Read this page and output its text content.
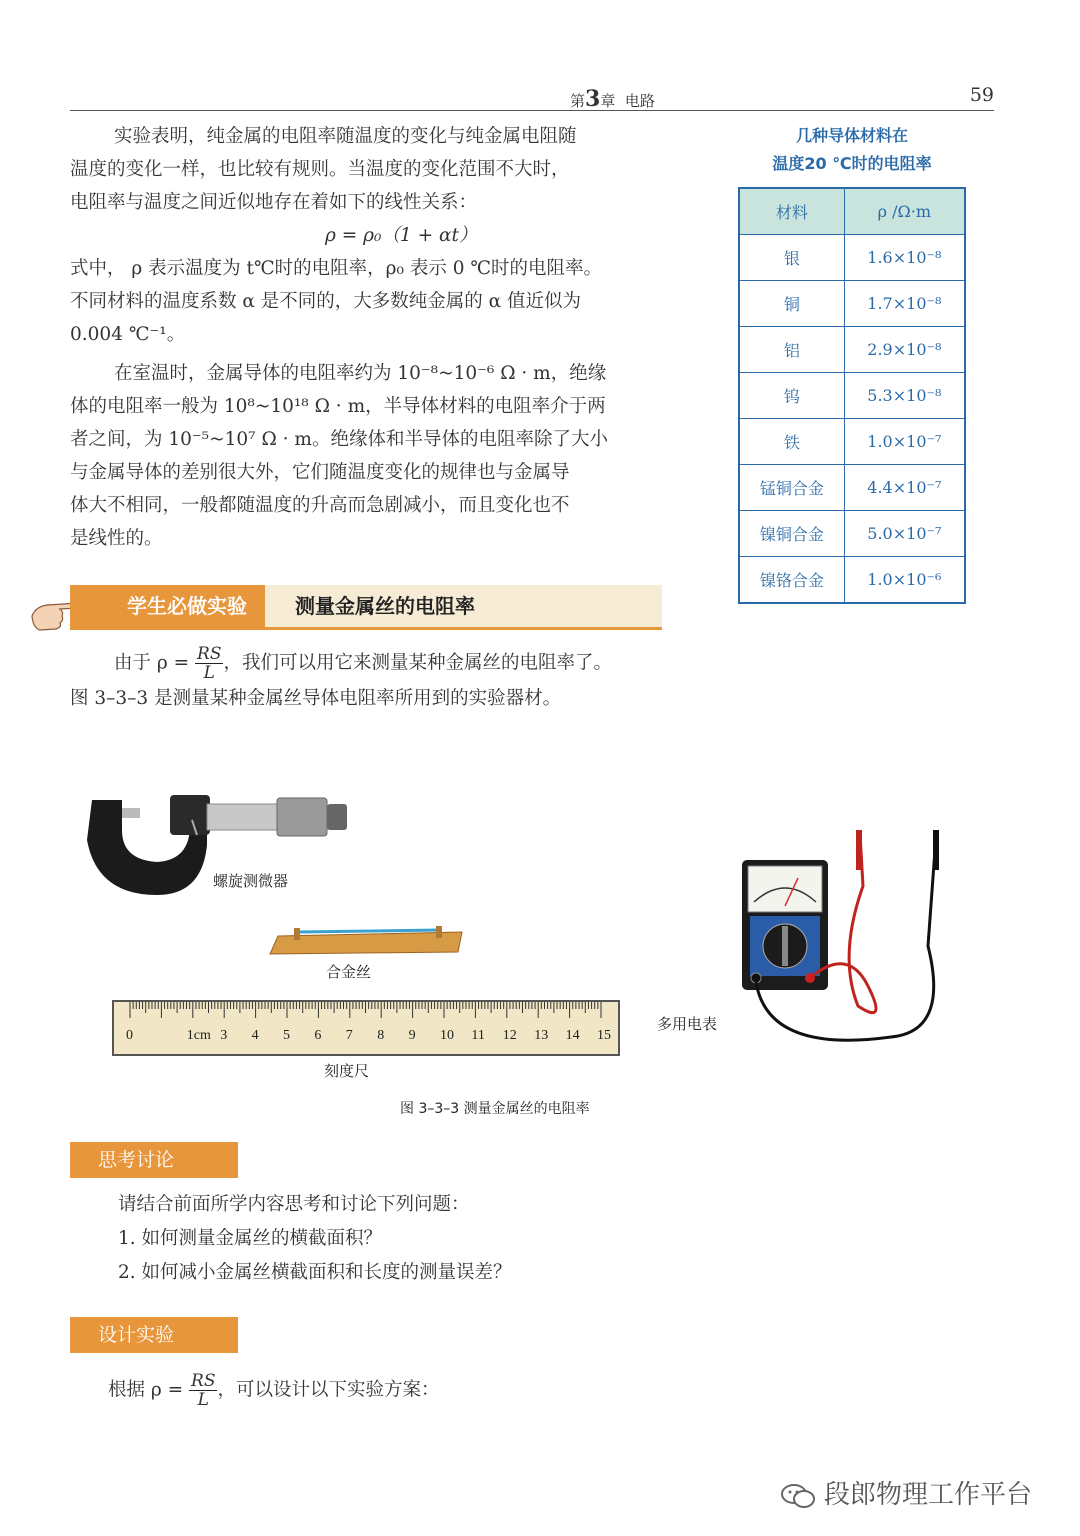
第3章 电路	59
实验表明，纯金属的电阻率随温度的变化与纯金属电阻随
温度的变化一样，也比较有规则。当温度的变化范围不大时，
电阻率与温度之间近似地存在着如下的线性关系：

ρ = ρ₀（1 + αt）
式中， ρ 表示温度为 t℃时的电阻率，ρ₀ 表示 0 ℃时的电阻率。
不同材料的温度系数 α 是不同的，大多数纯金属的 α 值近似为
0.004 ℃⁻¹。
在室温时，金属导体的电阻率约为 10⁻⁸~10⁻⁶ Ω · m，绝缘
体的电阻率一般为 10⁸~10¹⁸ Ω · m，半导体材料的电阻率介于两
者之间，为 10⁻⁵~10⁷ Ω · m。绝缘体和半导体的电阻率除了大小
与金属导体的差别很大外，它们随温度变化的规律也与金属导
体大不相同，一般都随温度的升高而急剧减小，而且变化也不
是线性的。
几种导体材料在
温度20 ℃时的电阻率
材料	ρ /Ω·m
银	1.6×10⁻⁸
铜	1.7×10⁻⁸
铝	2.9×10⁻⁸
钨	5.3×10⁻⁸
铁	1.0×10⁻⁷
锰铜合金	4.4×10⁻⁷
镍铜合金	5.0×10⁻⁷
镍铬合金	1.0×10⁻⁶
学生必做实验	测量金属丝的电阻率
由于 $\rho = \frac{RS}{L}$ ，我们可以用它来测量某种金属丝的电阻率了。
图 3–3–3 是测量某种金属丝导体电阻率所用到的实验器材。
螺旋测微器
合金丝
0	1cm 3 4 5 6 7 8 9 10 11 12 13 14 15
刻度尺
多用电表
图 3–3–3 测量金属丝的电阻率
思考讨论
请结合前面所学内容思考和讨论下列问题：
1. 如何测量金属丝的横截面积？
2. 如何减小金属丝横截面积和长度的测量误差？
设计实验
根据 $\rho = \frac{RS}{L}$ ，可以设计以下实验方案：
段郎物理工作平台
